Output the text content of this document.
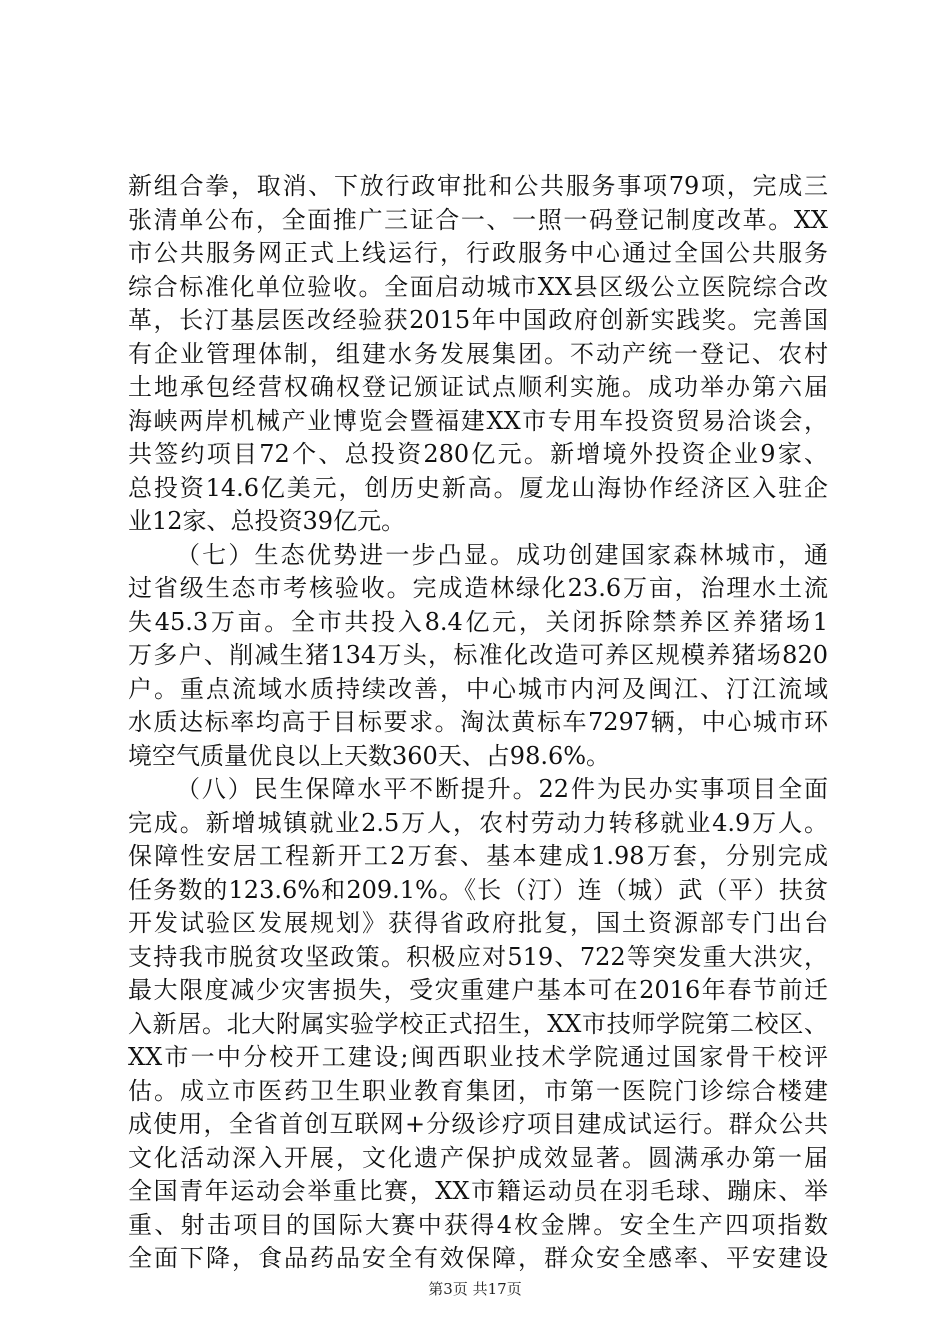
新组合拳，取消、下放行政审批和公共服务事项79项，完成三
张清单公布，全面推广三证合一、一照一码登记制度改革。XX
市公共服务网正式上线运行，行政服务中心通过全国公共服务
综合标准化单位验收。全面启动城市XX县区级公立医院综合改
革，长汀基层医改经验获2015年中国政府创新实践奖。完善国
有企业管理体制，组建水务发展集团。不动产统一登记、农村
土地承包经营权确权登记颁证试点顺利实施。成功举办第六届
海峡两岸机械产业博览会暨福建XX市专用车投资贸易洽谈会，
共签约项目72个、总投资280亿元。新增境外投资企业9家、
总投资14.6亿美元，创历史新高。厦龙山海协作经济区入驻企
业12家、总投资39亿元。
（七）生态优势进一步凸显。成功创建国家森林城市，通
过省级生态市考核验收。完成造林绿化23.6万亩，治理水土流
失45.3万亩。全市共投入8.4亿元，关闭拆除禁养区养猪场1
万多户、削减生猪134万头，标准化改造可养区规模养猪场820
户。重点流域水质持续改善，中心城市内河及闽江、汀江流域
水质达标率均高于目标要求。淘汰黄标车7297辆，中心城市环
境空气质量优良以上天数360天、占98.6%。
（八）民生保障水平不断提升。22件为民办实事项目全面
完成。新增城镇就业2.5万人，农村劳动力转移就业4.9万人。
保障性安居工程新开工2万套、基本建成1.98万套，分别完成
任务数的123.6%和209.1%。《长（汀）连（城）武（平）扶贫
开发试验区发展规划》获得省政府批复，国土资源部专门出台
支持我市脱贫攻坚政策。积极应对519、722等突发重大洪灾，
最大限度减少灾害损失，受灾重建户基本可在2016年春节前迁
入新居。北大附属实验学校正式招生，XX市技师学院第二校区、
XX市一中分校开工建设;闽西职业技术学院通过国家骨干校评
估。成立市医药卫生职业教育集团，市第一医院门诊综合楼建
成使用，全省首创互联网+分级诊疗项目建成试运行。群众公共
文化活动深入开展，文化遗产保护成效显著。圆满承办第一届
全国青年运动会举重比赛，XX市籍运动员在羽毛球、蹦床、举
重、射击项目的国际大赛中获得4枚金牌。安全生产四项指数
全面下降，食品药品安全有效保障，群众安全感率、平安建设
第3页 共17页
